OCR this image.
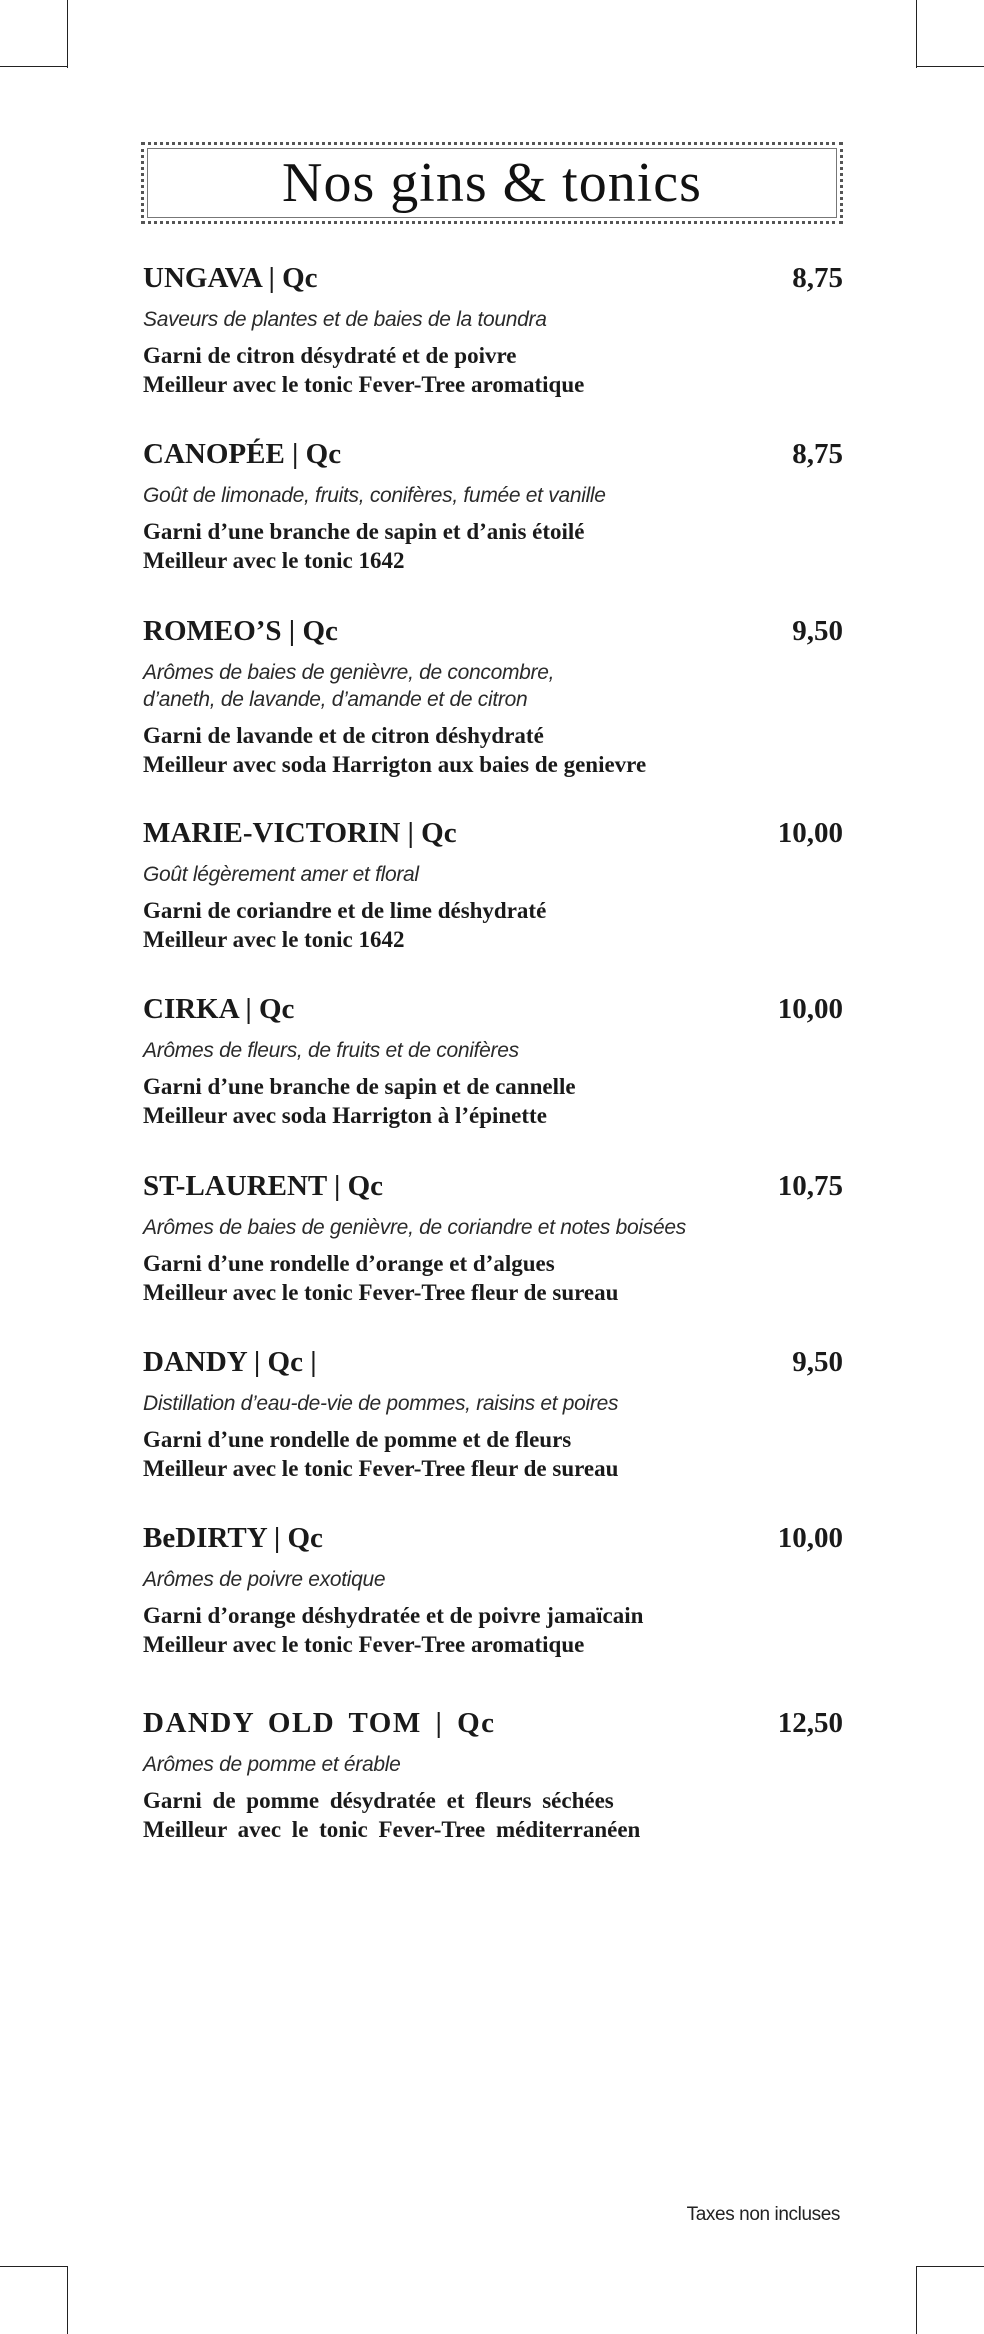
Nos gins & tonics
UNGAVA | Qc	8,75
Saveurs de plantes et de baies de la toundra
Garni de citron désydraté et de poivre
Meilleur avec le tonic Fever-Tree aromatique
CANOPÉE | Qc	8,75
Goût de limonade, fruits, conifères, fumée et vanille
Garni d’une branche de sapin et d’anis étoilé
Meilleur avec le tonic 1642
ROMEO’S | Qc	9,50
Arômes de baies de genièvre, de concombre,
d’aneth, de lavande, d’amande et de citron
Garni de lavande et de citron déshydraté
Meilleur avec soda Harrigton aux baies de genievre
MARIE-VICTORIN | Qc	10,00
Goût légèrement amer et floral
Garni de coriandre et de lime déshydraté
Meilleur avec le tonic 1642
CIRKA | Qc	10,00
Arômes de fleurs, de fruits et de conifères
Garni d’une branche de sapin et de cannelle
Meilleur avec soda Harrigton à l’épinette
ST-LAURENT | Qc	10,75
Arômes de baies de genièvre, de coriandre et notes boisées
Garni d’une rondelle d’orange et d’algues
Meilleur avec le tonic Fever-Tree fleur de sureau
DANDY | Qc |	9,50
Distillation d’eau-de-vie de pommes, raisins et poires
Garni d’une rondelle de pomme et de fleurs
Meilleur avec le tonic Fever-Tree fleur de sureau
BeDIRTY | Qc	10,00
Arômes de poivre exotique
Garni d’orange déshydratée et de poivre jamaïcain
Meilleur avec le tonic Fever-Tree aromatique
DANDY OLD TOM | Qc	12,50
Arômes de pomme et érable
Garni de pomme désydratée et fleurs séchées
Meilleur avec le tonic Fever-Tree méditerranéen
Taxes non incluses
